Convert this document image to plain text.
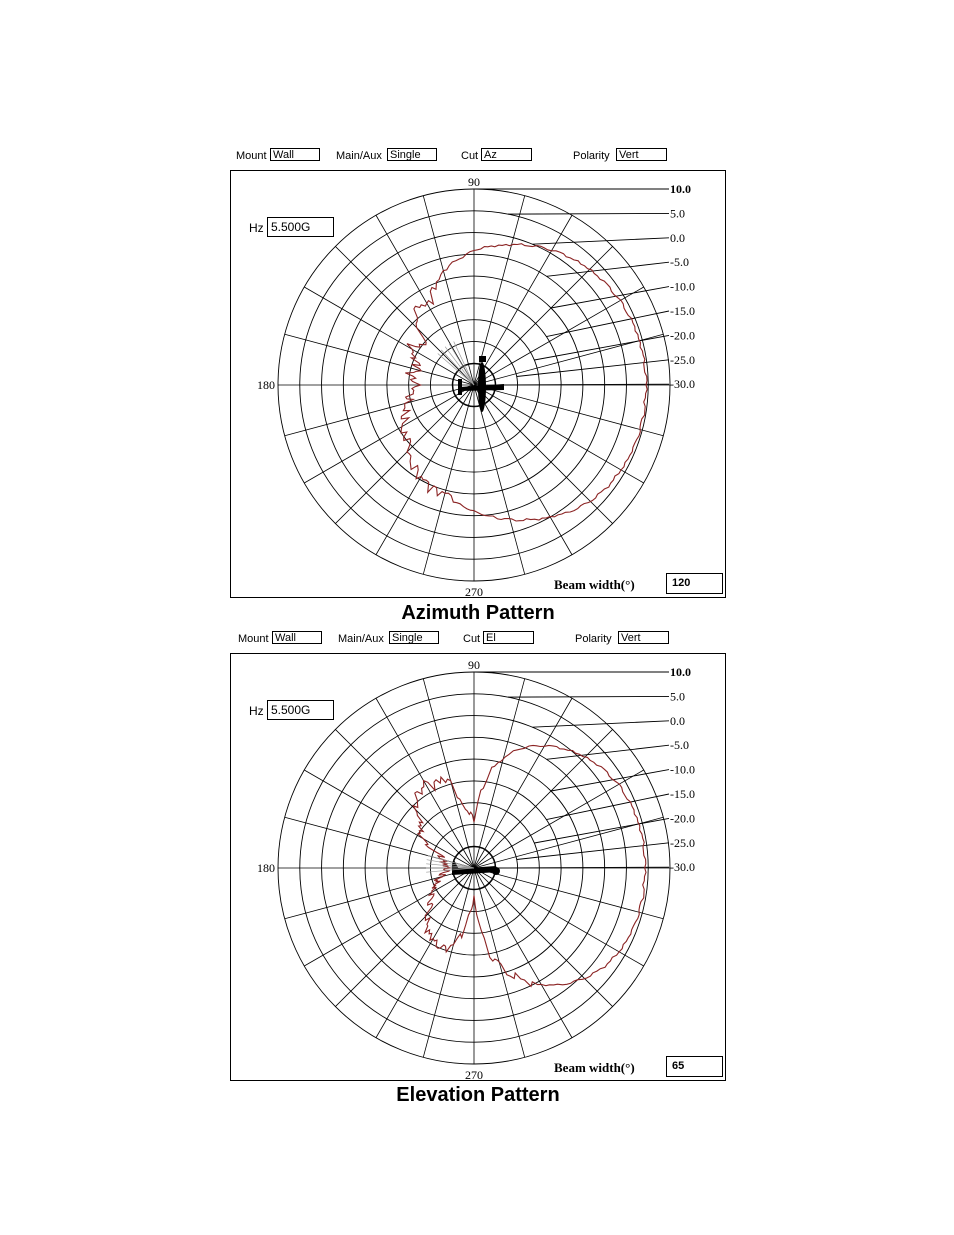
Mount Wall	Main/Aux Single	Cut Az	Polarity Vert
10.0
5.0
0.0
-5.0
-10.0
-15.0
-20.0
-25.0
-30.0
90
180
270
Hz 5.500G
Beam width(°)	120
Azimuth Pattern
Mount Wall	Main/Aux Single	Cut El	Polarity Vert
10.0
5.0
0.0
-5.0
-10.0
-15.0
-20.0
-25.0
-30.0
90
180
270
Hz 5.500G
Beam width(°)	65
Elevation Pattern
